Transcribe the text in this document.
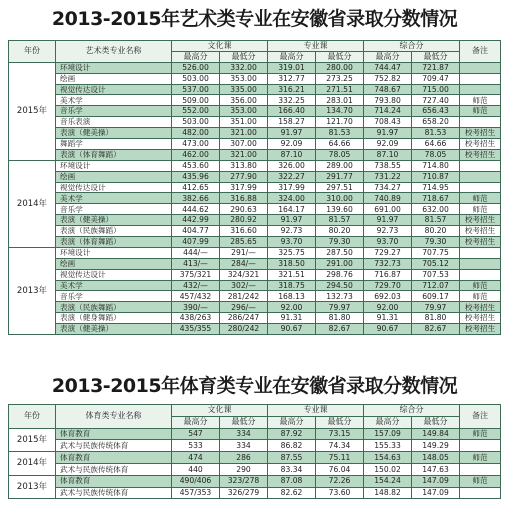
2013-2015年艺术类专业在安徽省录取分数情况
年份	艺术类专业名称	文化课		专业课		综合分		备注
		最高分	最低分	最高分	最低分	最高分	最低分	
2015年	环境设计	526.00	332.00	319.01	280.00	744.47	721.87	
	绘画	503.00	353.00	312.77	273.25	752.82	709.47	
	视觉传达设计	537.00	335.00	316.21	271.51	748.67	715.00	
	美术学	509.00	356.00	332.25	283.01	793.80	727.40	师范
	音乐学	552.00	353.00	166.40	134.70	714.24	656.43	师范
	音乐表演	503.00	351.00	158.27	121.70	708.43	658.20	
	表演（健美操）	482.00	321.00	91.97	81.53	91.97	81.53	校考招生
	舞蹈学	473.00	307.00	92.09	64.66	92.09	64.66	校考招生
	表演（体育舞蹈）	462.00	321.00	87.10	78.05	87.10	78.05	校考招生
2014年	环境设计	453.60	313.80	326.00	289.00	738.55	714.80	
	绘画	435.96	277.90	322.27	291.77	731.22	710.87	
	视觉传达设计	412.65	317.99	317.99	297.51	734.27	714.95	
	美术学	382.66	316.88	324.00	310.00	740.89	718.67	师范
	音乐学	444.62	290.63	164.17	139.60	691.00	632.00	师范
	表演（健美操）	442.99	280.92	91.97	81.57	91.97	81.57	校考招生
	表演（民族舞蹈）	404.77	316.60	92.73	80.20	92.73	80.20	校考招生
	表演（体育舞蹈）	407.99	285.65	93.70	79.30	93.70	79.30	校考招生
2013年	环境设计	444/—	291/—	325.75	287.50	729.27	707.75	
	绘画	413/—	284/—	318.50	291.00	732.73	705.12	
	视觉传达设计	375/321	324/321	321.51	298.76	716.87	707.53	
	美术学	432/—	302/—	318.75	294.50	729.70	712.07	师范
	音乐学	457/432	281/242	168.13	132.73	692.03	609.17	师范
	表演（民族舞蹈）	390/—	296/—	92.00	79.97	92.00	79.97	校考招生
	表演（健身舞蹈）	438/263	286/247	91.31	81.80	91.31	81.80	校考招生
	表演（健美操）	435/355	280/242	90.67	82.67	90.67	82.67	校考招生
2013-2015年体育类专业在安徽省录取分数情况
年份	体育类专业名称	文化课		专业课		综合分		备注
		最高分	最低分	最高分	最低分	最高分	最低分	
2015年	体育教育	547	334	87.92	73.15	157.09	149.84	师范
	武术与民族传统体育	533	334	86.82	74.34	155.33	149.29	
2014年	体育教育	474	286	87.55	75.11	154.63	148.05	师范
	武术与民族传统体育	440	290	83.34	76.04	150.02	147.63	
2013年	体育教育	490/406	323/278	87.08	72.26	154.24	147.09	师范
	武术与民族传统体育	457/353	326/279	82.62	73.60	148.82	147.09	
